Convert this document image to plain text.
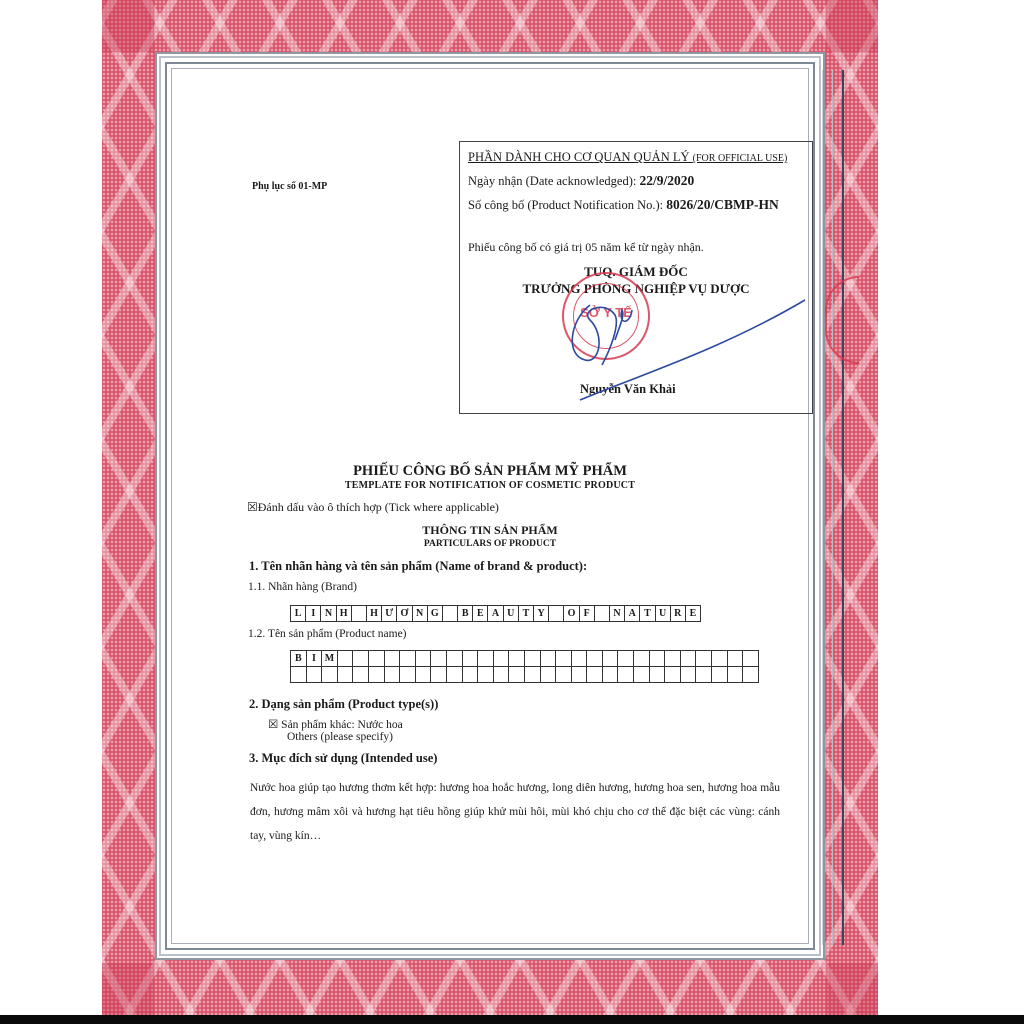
Phụ lục số 01-MP
PHẦN DÀNH CHO CƠ QUAN QUẢN LÝ (FOR OFFICIAL USE)
Ngày nhận (Date acknowledged): 22/9/2020
Số công bố (Product Notification No.): 8026/20/CBMP-HN
Phiếu công bố có giá trị 05 năm kể từ ngày nhận.
TUQ. GIÁM ĐỐC
TRƯỞNG PHÒNG NGHIỆP VỤ DƯỢC
Nguyễn Văn Khải
SỞ Y TẾ
PHIẾU CÔNG BỐ SẢN PHẨM MỸ PHẨM
TEMPLATE FOR NOTIFICATION OF COSMETIC PRODUCT
☒Đánh dấu vào ô thích hợp (Tick where applicable)
THÔNG TIN SẢN PHẨM
PARTICULARS OF PRODUCT
1. Tên nhãn hàng và tên sản phẩm (Name of brand & product):
1.1. Nhãn hàng (Brand)
L	I	N	H		H	Ư	Ơ	N	G		B	E	A	U	T	Y		O	F		N	A	T	U	R	E
1.2. Tên sản phẩm (Product name)
B	I	M																											

2. Dạng sản phẩm (Product type(s))
☒ Sản phẩm khác: Nước hoa
Others (please specify)
3. Mục đích sử dụng (Intended use)
Nước hoa giúp tạo hương thơm kết hợp: hương hoa hoắc hương, long diên hương, hương hoa sen, hương hoa mẫu đơn, hương mâm xôi và hương hạt tiêu hồng giúp khử mùi hôi, mùi khó chịu cho cơ thể đặc biệt các vùng: cánh tay, vùng kín…
